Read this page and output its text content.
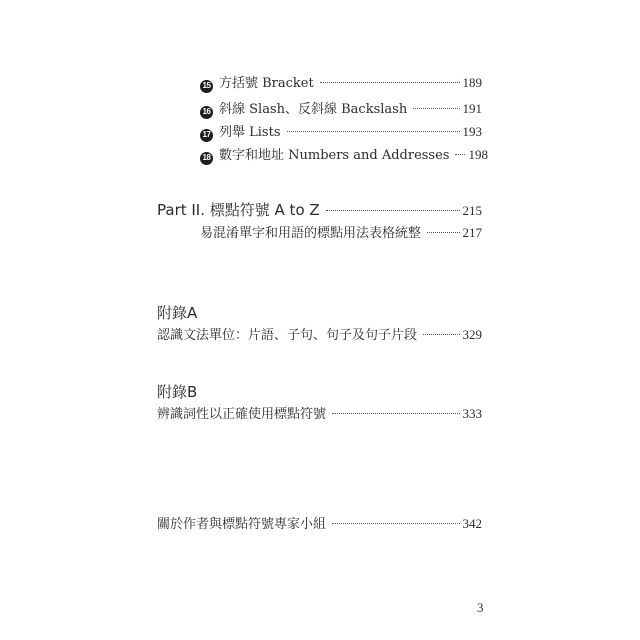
15 方括號 Bracket	189
16 斜線 Slash、反斜線 Backslash	191
17 列舉 Lists	193
18 數字和地址 Numbers and Addresses 198
Part II. 標點符號 A to Z	215
易混淆單字和用語的標點用法表格統整	217
附錄A
認識文法單位：片語、子句、句子及句子片段	329
附錄B
辨識詞性以正確使用標點符號	333
關於作者與標點符號專家小組	342
3
